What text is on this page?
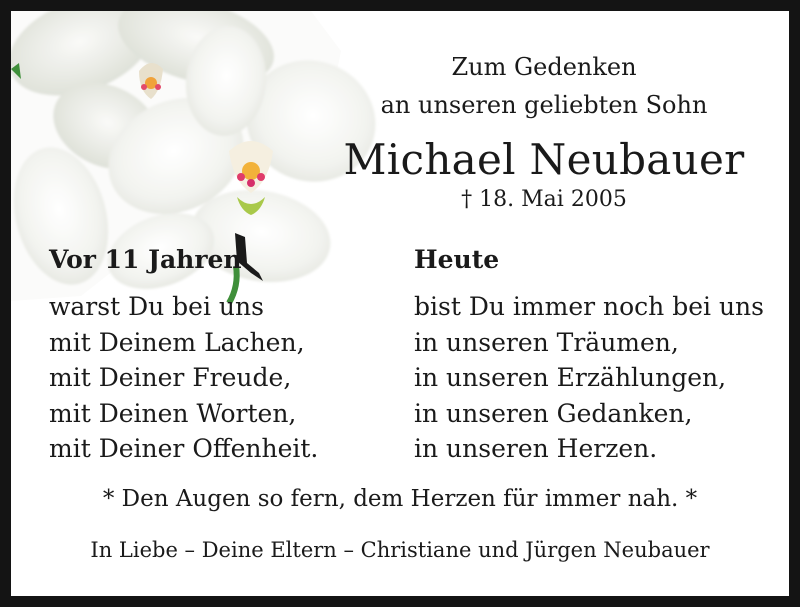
Zum Gedenken
an unseren geliebten Sohn
Michael Neubauer
† 18. Mai 2005
Vor 11 Jahren	Heute
warst Du bei uns
mit Deinem Lachen,
mit Deiner Freude,
mit Deinen Worten,
mit Deiner Offenheit.
bist Du immer noch bei uns
in unseren Träumen,
in unseren Erzählungen,
in unseren Gedanken,
in unseren Herzen.
* Den Augen so fern, dem Herzen für immer nah. *
In Liebe – Deine Eltern – Christiane und Jürgen Neubauer
